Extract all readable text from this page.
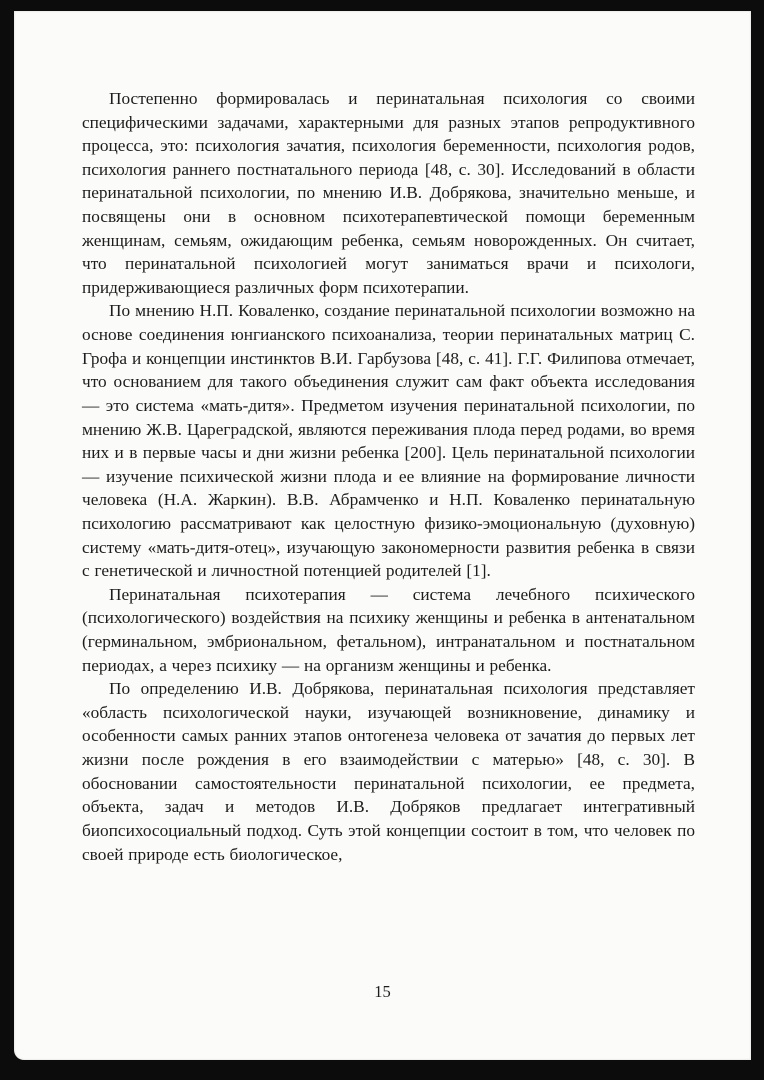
Постепенно формировалась и перинатальная психология со своими специфическими задачами, характерными для разных этапов репродуктивного процесса, это: психология зачатия, психология беременности, психология родов, психология раннего постнатального периода [48, с. 30]. Исследований в области перинатальной психологии, по мнению И.В. Добрякова, значительно меньше, и посвящены они в основном психотерапевтической помощи беременным женщинам, семьям, ожидающим ребенка, семьям новорожденных. Он считает, что перинатальной психологией могут заниматься врачи и психологи, придерживающиеся различных форм психотерапии.

По мнению Н.П. Коваленко, создание перинатальной психологии возможно на основе соединения юнгианского психоанализа, теории перинатальных матриц С. Грофа и концепции инстинктов В.И. Гарбузова [48, с. 41]. Г.Г. Филипова отмечает, что основанием для такого объединения служит сам факт объекта исследования — это система «мать-дитя». Предметом изучения перинатальной психологии, по мнению Ж.В. Цареградской, являются переживания плода перед родами, во время них и в первые часы и дни жизни ребенка [200]. Цель перинатальной психологии — изучение психической жизни плода и ее влияние на формирование личности человека (Н.А. Жаркин). В.В. Абрамченко и Н.П. Коваленко перинатальную психологию рассматривают как целостную физико-эмоциональную (духовную) систему «мать-дитя-отец», изучающую закономерности развития ребенка в связи с генетической и личностной потенцией родителей [1].

Перинатальная психотерапия — система лечебного психического (психологического) воздействия на психику женщины и ребенка в антенатальном (герминальном, эмбриональном, фетальном), интранатальном и постнатальном периодах, а через психику — на организм женщины и ребенка.

По определению И.В. Добрякова, перинатальная психология представляет «область психологической науки, изучающей возникновение, динамику и особенности самых ранних этапов онтогенеза человека от зачатия до первых лет жизни после рождения в его взаимодействии с матерью» [48, с. 30]. В обосновании самостоятельности перинатальной психологии, ее предмета, объекта, задач и методов И.В. Добряков предлагает интегративный биопсихосоциальный подход. Суть этой концепции состоит в том, что человек по своей природе есть биологическое,

15
